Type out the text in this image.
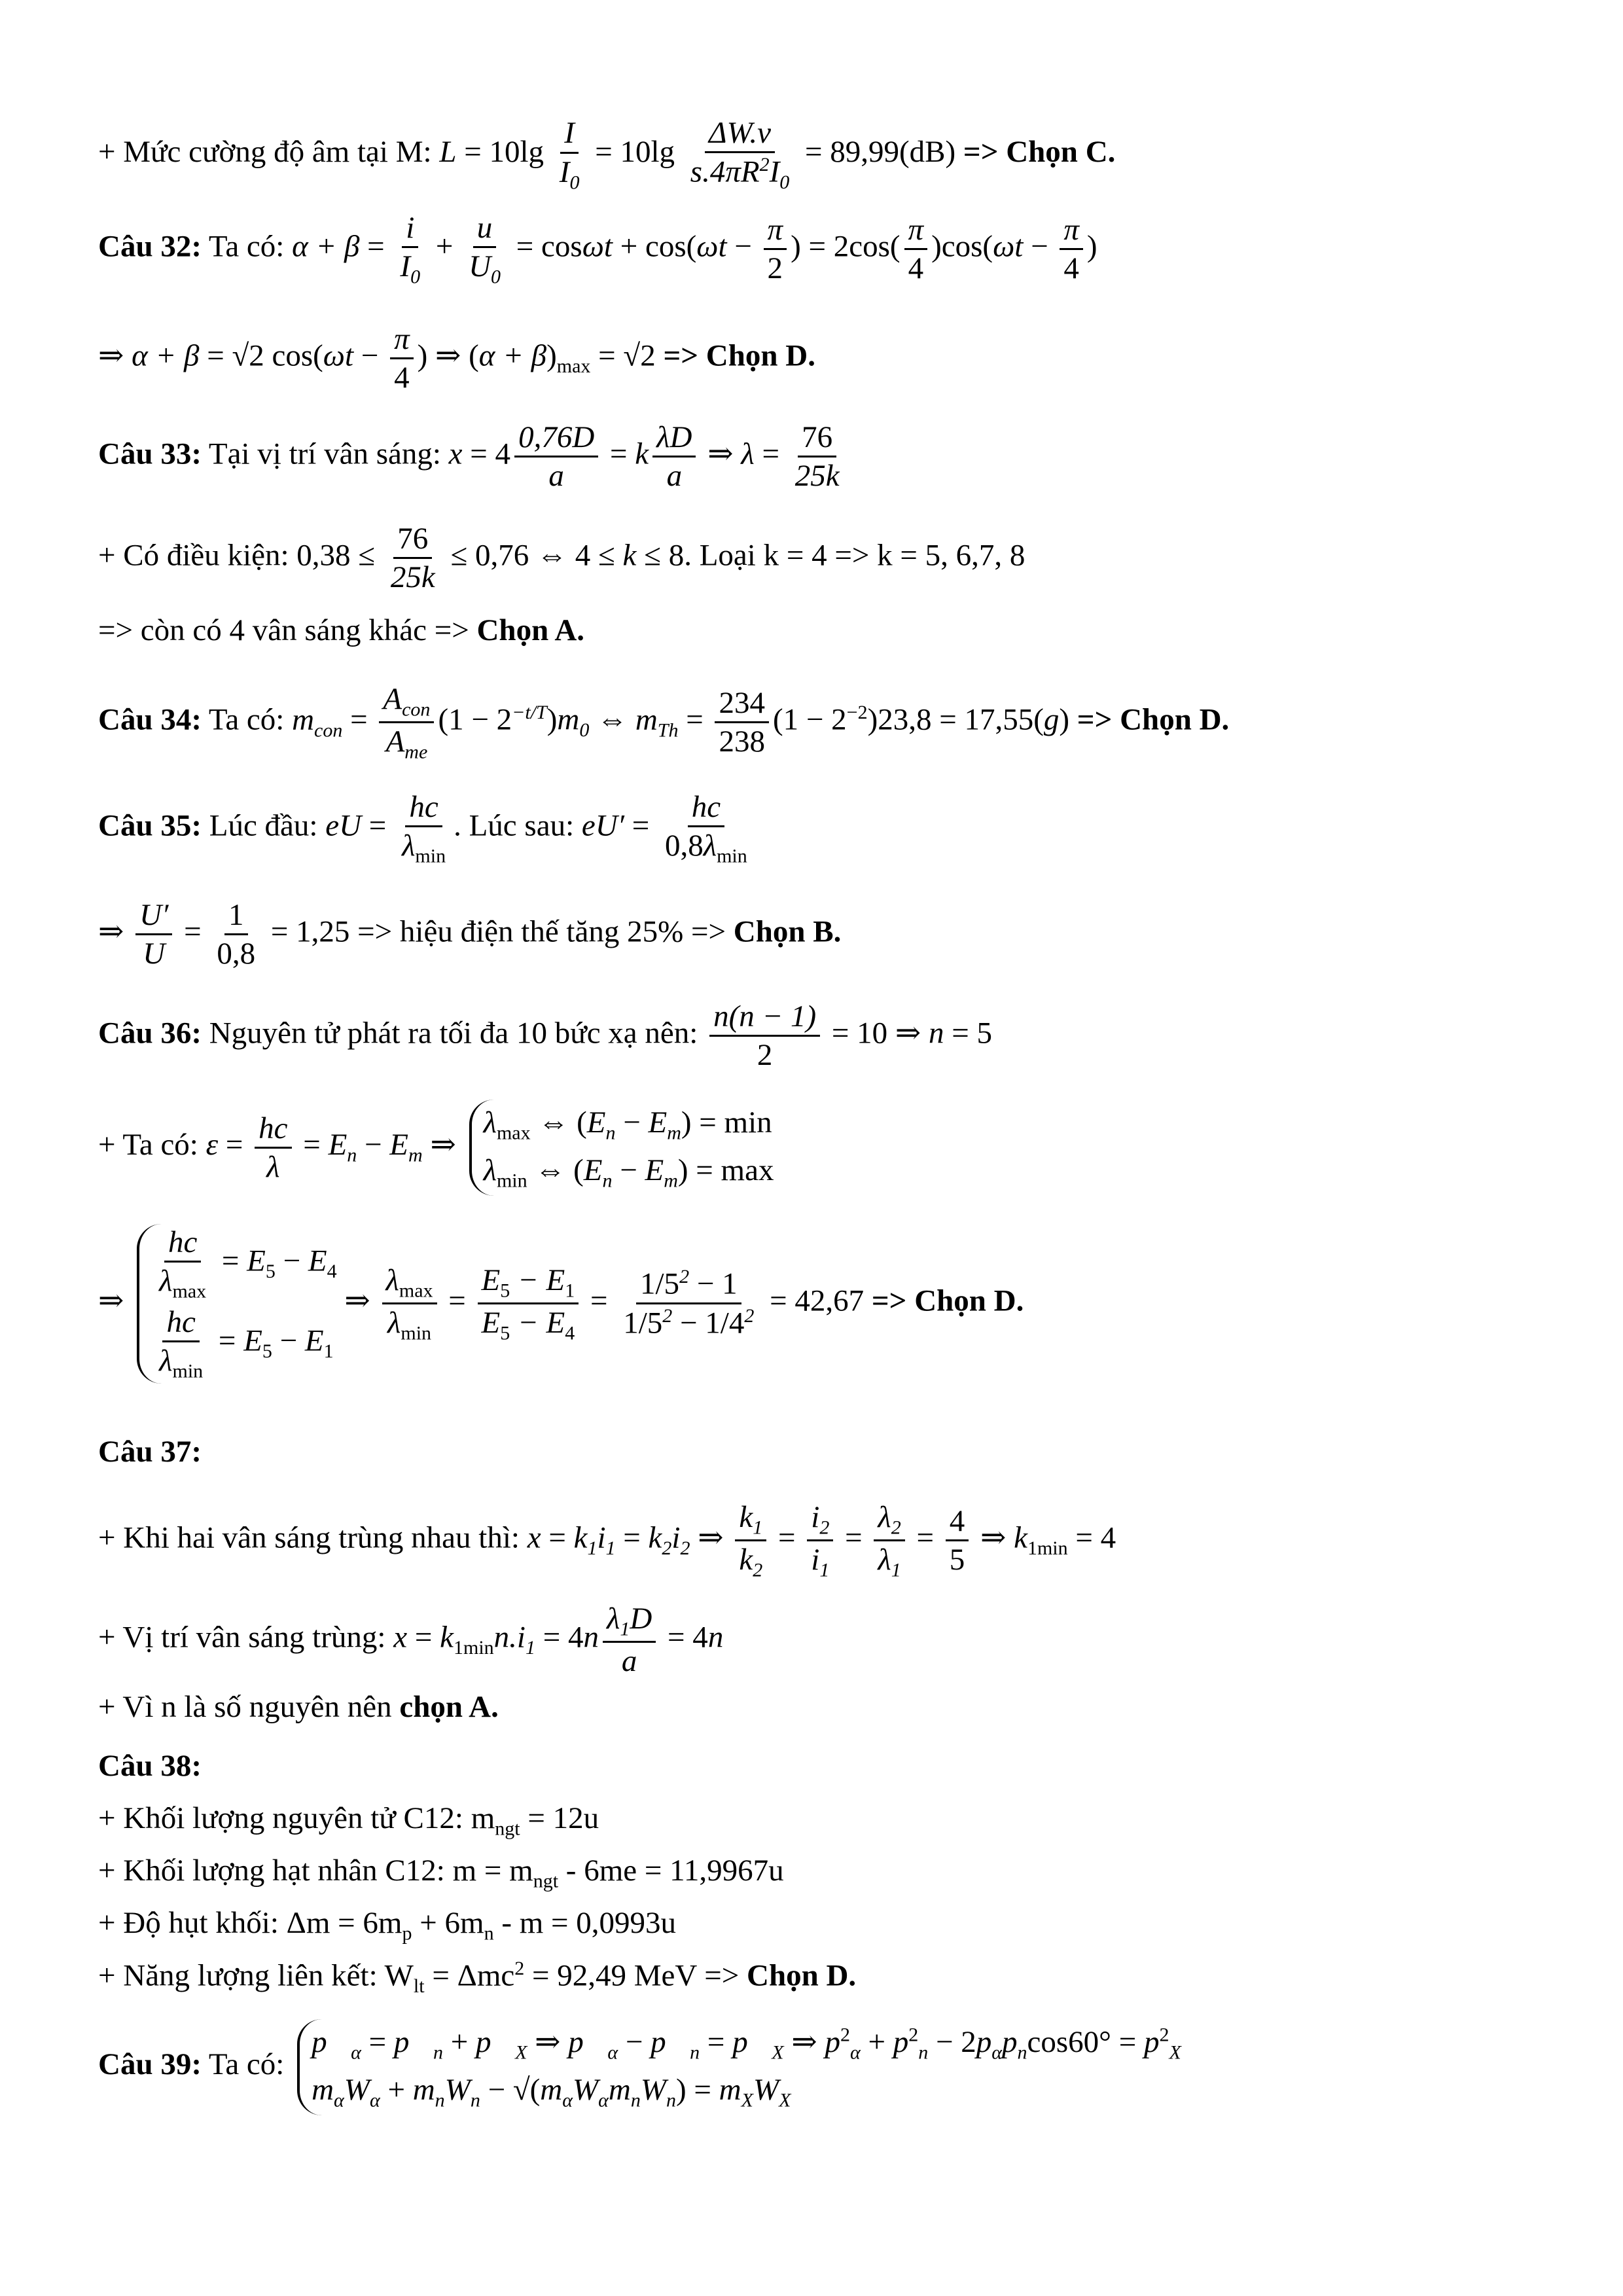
+ Mức cường độ âm tại M: $L = 10\lg \frac{I}{I_0} = 10\lg \frac{\Delta W.v}{s.4\pi R^2I_0} = 89,99(dB)$ => Chọn C.
Câu 32: Ta có: $\alpha + \beta = \frac{i}{I_0} + \frac{u}{U_0} = \cos\omega t + \cos(\omega t - \frac{\pi}{2}$ ) = $2\cos( \frac{\pi}{4} )\cos(\omega t - \frac{\pi}{4}$ )
⇒ α + β = √2 $\cos(\omega t - \frac{\pi}{4}$ ) ⇒ $(\alpha + \beta)_{max} = √2$ => Chọn D.
Câu 33: Tại vị trí vân sáng: $x = 4 \frac{0,76D}{a} = k \frac{\lambda D}{a}$ ⇒ $\lambda = \frac{76}{25k}$
+ Có điều kiện: $0,38 \le \frac{76}{25k} \le 0,76$ ⇔ 4 ≤ k ≤ 8. Loại k = 4 => k = 5, 6,7, 8
=> còn có 4 vân sáng khác => Chọn A.
Câu 34: Ta có: $m_{con}$ =
$A_{con}$
$A_{me}$
$(1 - 2^{-t/T})m_0$ ⇔ $m_{Th} = \frac{234}{238} (1 - 2^{-2})23,8 = 17,55(g)$ => Chọn D.
Câu 35: Lúc đầu: eU =
hc
$\lambda_{min}$
. Lúc sau: eU′ =
hc
$0,8\lambda_{min}$
⇒ $\frac{U'}{U} = \frac{1}{0,8} = 1,25$ => hiệu điện thế tăng 25% => Chọn B.
Câu 36: Nguyên tử phát ra tối đa 10 bức xạ nên: $\frac{n(n - 1)}{2} = 10$ ⇒ n = 5
+ Ta có: $\varepsilon = \frac{hc}{\lambda} = E_n - E_m$ ⇒
$\lambda_{max}$ ⇔ $(E_n - E_m) = \min$
$\lambda_{min}$ ⇔ $(E_n - E_m) = \max$
⇒
hc
$\lambda_{max}$
= $E_5 - E_4$
hc
$\lambda_{min}$
= $E_5 - E_1$
⇒
$\lambda_{max}$
$\lambda_{min}$
= $\frac{E_5 - E_1}{E_5 - E_4} = \frac{1/5^2 - 1}{1/5^2 - 1/4^2} = 42,67$ => Chọn D.
Câu 37:
+ Khi hai vân sáng trùng nhau thì: $x = k_1i_1 = k_2i_2$ ⇒ $\frac{k_1}{k_2} = \frac{i_2}{i_1} = \frac{\lambda_2}{\lambda_1} = \frac{4}{5}$ ⇒ $k_{1min} = 4$
+ Vị trí vân sáng trùng: $x = k_{1min}n.i_1 = 4n \frac{\lambda_1D}{a} = 4n$
+ Vì n là số nguyên nên chọn A.
Câu 38:
+ Khối lượng nguyên tử C12: $m_{ngt} = 12u$
+ Khối lượng hạt nhân C12: $m = m_{ngt} - 6me = 11,9967u$
+ Độ hụt khối: $\Delta m = 6m_p + 6m_n - m = 0,0993u$
+ Năng lượng liên kết: $W_{lt} = \Delta mc^2 = 92,49$ MeV => Chọn D.
Câu 39: Ta có:
$p⃗_\alpha$ = $p⃗_n$ + $p⃗_X$ ⇒ $p⃗_\alpha$ − $p⃗_n$ = $p⃗_X$ ⇒ $p^2_\alpha + p^2_n - 2p_\alpha p_n\cos 60^\circ = p^2_X$
$m_\alpha W_\alpha + m_nW_n - √(m_\alpha W_\alpha m_nW_n) = m_XW_X$
